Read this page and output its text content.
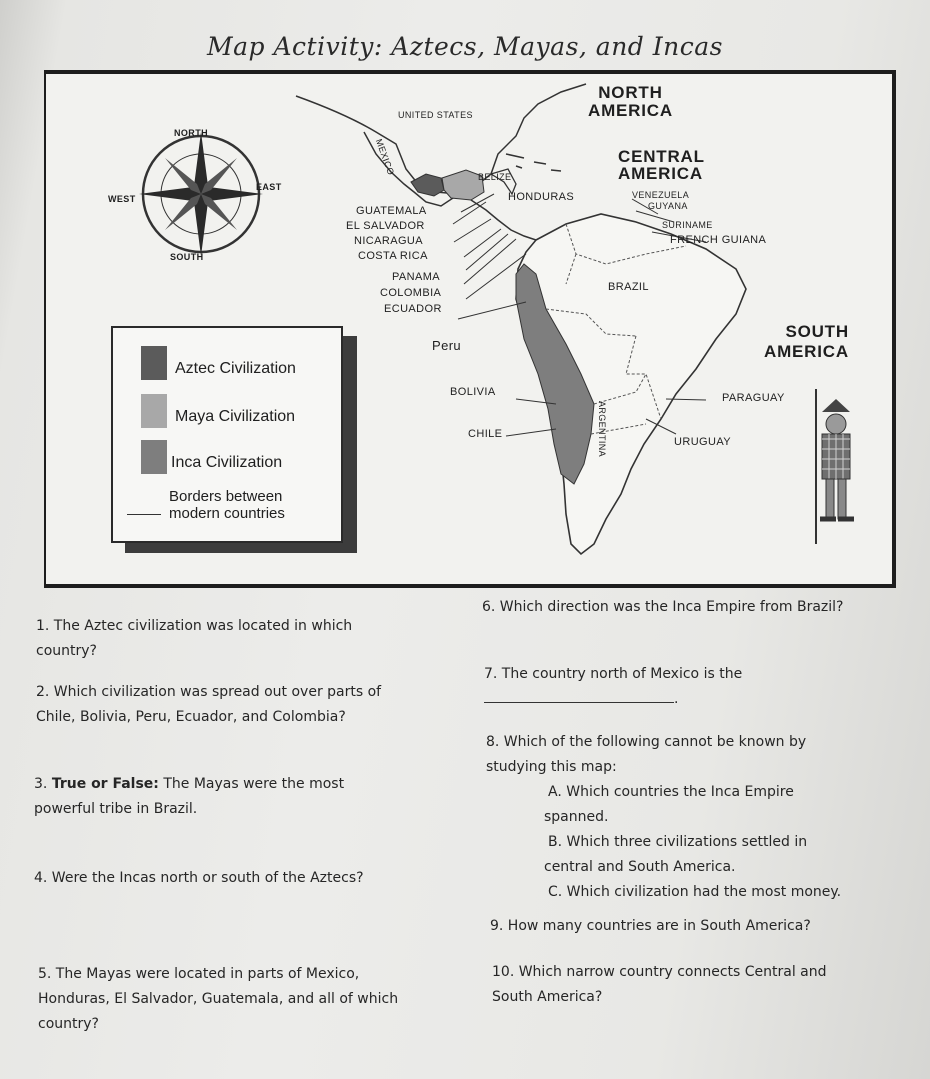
Map Activity: Aztecs, Mayas, and Incas
NORTH
SOUTH
EAST
WEST
NORTH
AMERICA
CENTRAL
AMERICA
SOUTH
AMERICA
UNITED STATES
MEXICO
BELIZE
HONDURAS
GUATEMALA
EL SALVADOR
NICARAGUA
COSTA RICA
PANAMA
COLOMBIA
ECUADOR
Peru
BOLIVIA
CHILE	ARGENTINA
VENEZUELA
GUYANA
SURINAME
FRENCH GUIANA
BRAZIL
PARAGUAY
URUGUAY
Aztec Civilization
Maya Civilization
Inca Civilization
Borders between
modern countries
1. The Aztec civilization was located in which
country?
2. Which civilization was spread out over parts of
Chile, Bolivia, Peru, Ecuador, and Colombia?
3. True or False: The Mayas were the most
powerful tribe in Brazil.
4. Were the Incas north or south of the Aztecs?
5. The Mayas were located in parts of Mexico,
Honduras, El Salvador, Guatemala, and all of which
country?
6. Which direction was the Inca Empire from Brazil?
7. The country north of Mexico is the
.
8. Which of the following cannot be known by
studying this map:
A. Which countries the Inca Empire
spanned.
B. Which three civilizations settled in
central and South America.
C. Which civilization had the most money.
9. How many countries are in South America?
10. Which narrow country connects Central and
South America?
